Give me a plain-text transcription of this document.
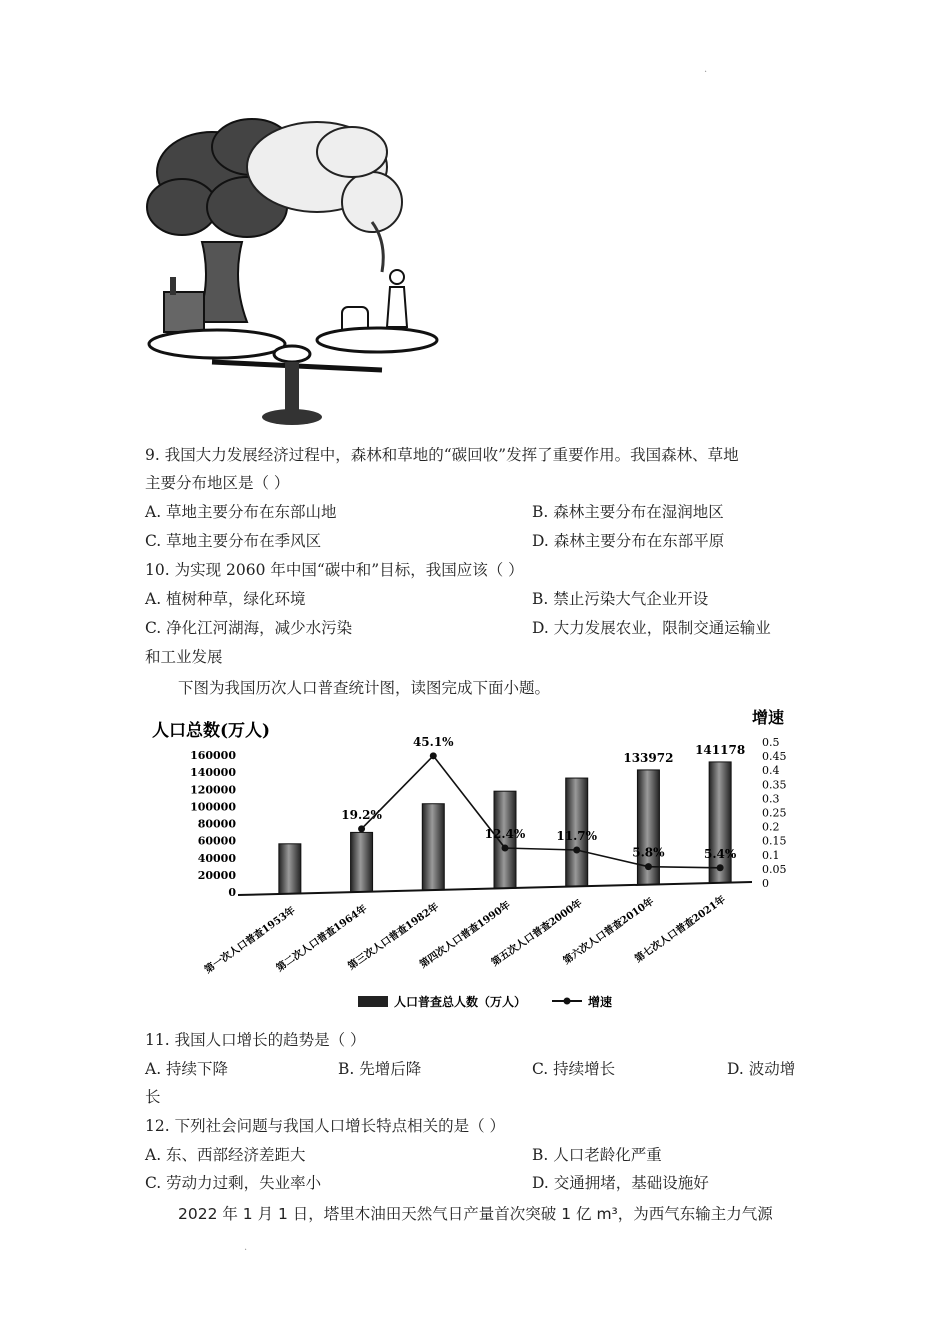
.
9. 我国大力发展经济过程中，森林和草地的“碳回收”发挥了重要作用。我国森林、草地
主要分布地区是（ ）
A. 草地主要分布在东部山地	B. 森林主要分布在湿润地区
C. 草地主要分布在季风区	D. 森林主要分布在东部平原
10. 为实现 2060 年中国“碳中和”目标，我国应该（ ）
A. 植树种草，绿化环境	B. 禁止污染大气企业开设
C. 净化江河湖海，减少水污染	D. 大力发展农业，限制交通运输业
和工业发展
下图为我国历次人口普查统计图，读图完成下面小题。
人口总数(万人)
增速
160000
140000
120000
100000
80000
60000
40000
20000
0
0.5
0.45
0.4
0.35
0.3
0.25
0.2
0.15
0.1
0.05
0
19.2%
45.1%
12.4%	11.7%
5.8%	5.4%
133972
141178
第一次人口普查1953年
第二次人口普查1964年
第三次人口普查1982年
第四次人口普查1990年
第五次人口普查2000年
第六次人口普查2010年
第七次人口普查2021年
人口普查总人数（万人）	增速
11. 我国人口增长的趋势是（ ）
A. 持续下降	B. 先增后降	C. 持续增长	D. 波动增
长
12. 下列社会问题与我国人口增长特点相关的是（ ）
A. 东、西部经济差距大	B. 人口老龄化严重
C. 劳动力过剩，失业率小	D. 交通拥堵，基础设施好
2022 年 1 月 1 日，塔里木油田天然气日产量首次突破 1 亿 m³，为西气东输主力气源
.
